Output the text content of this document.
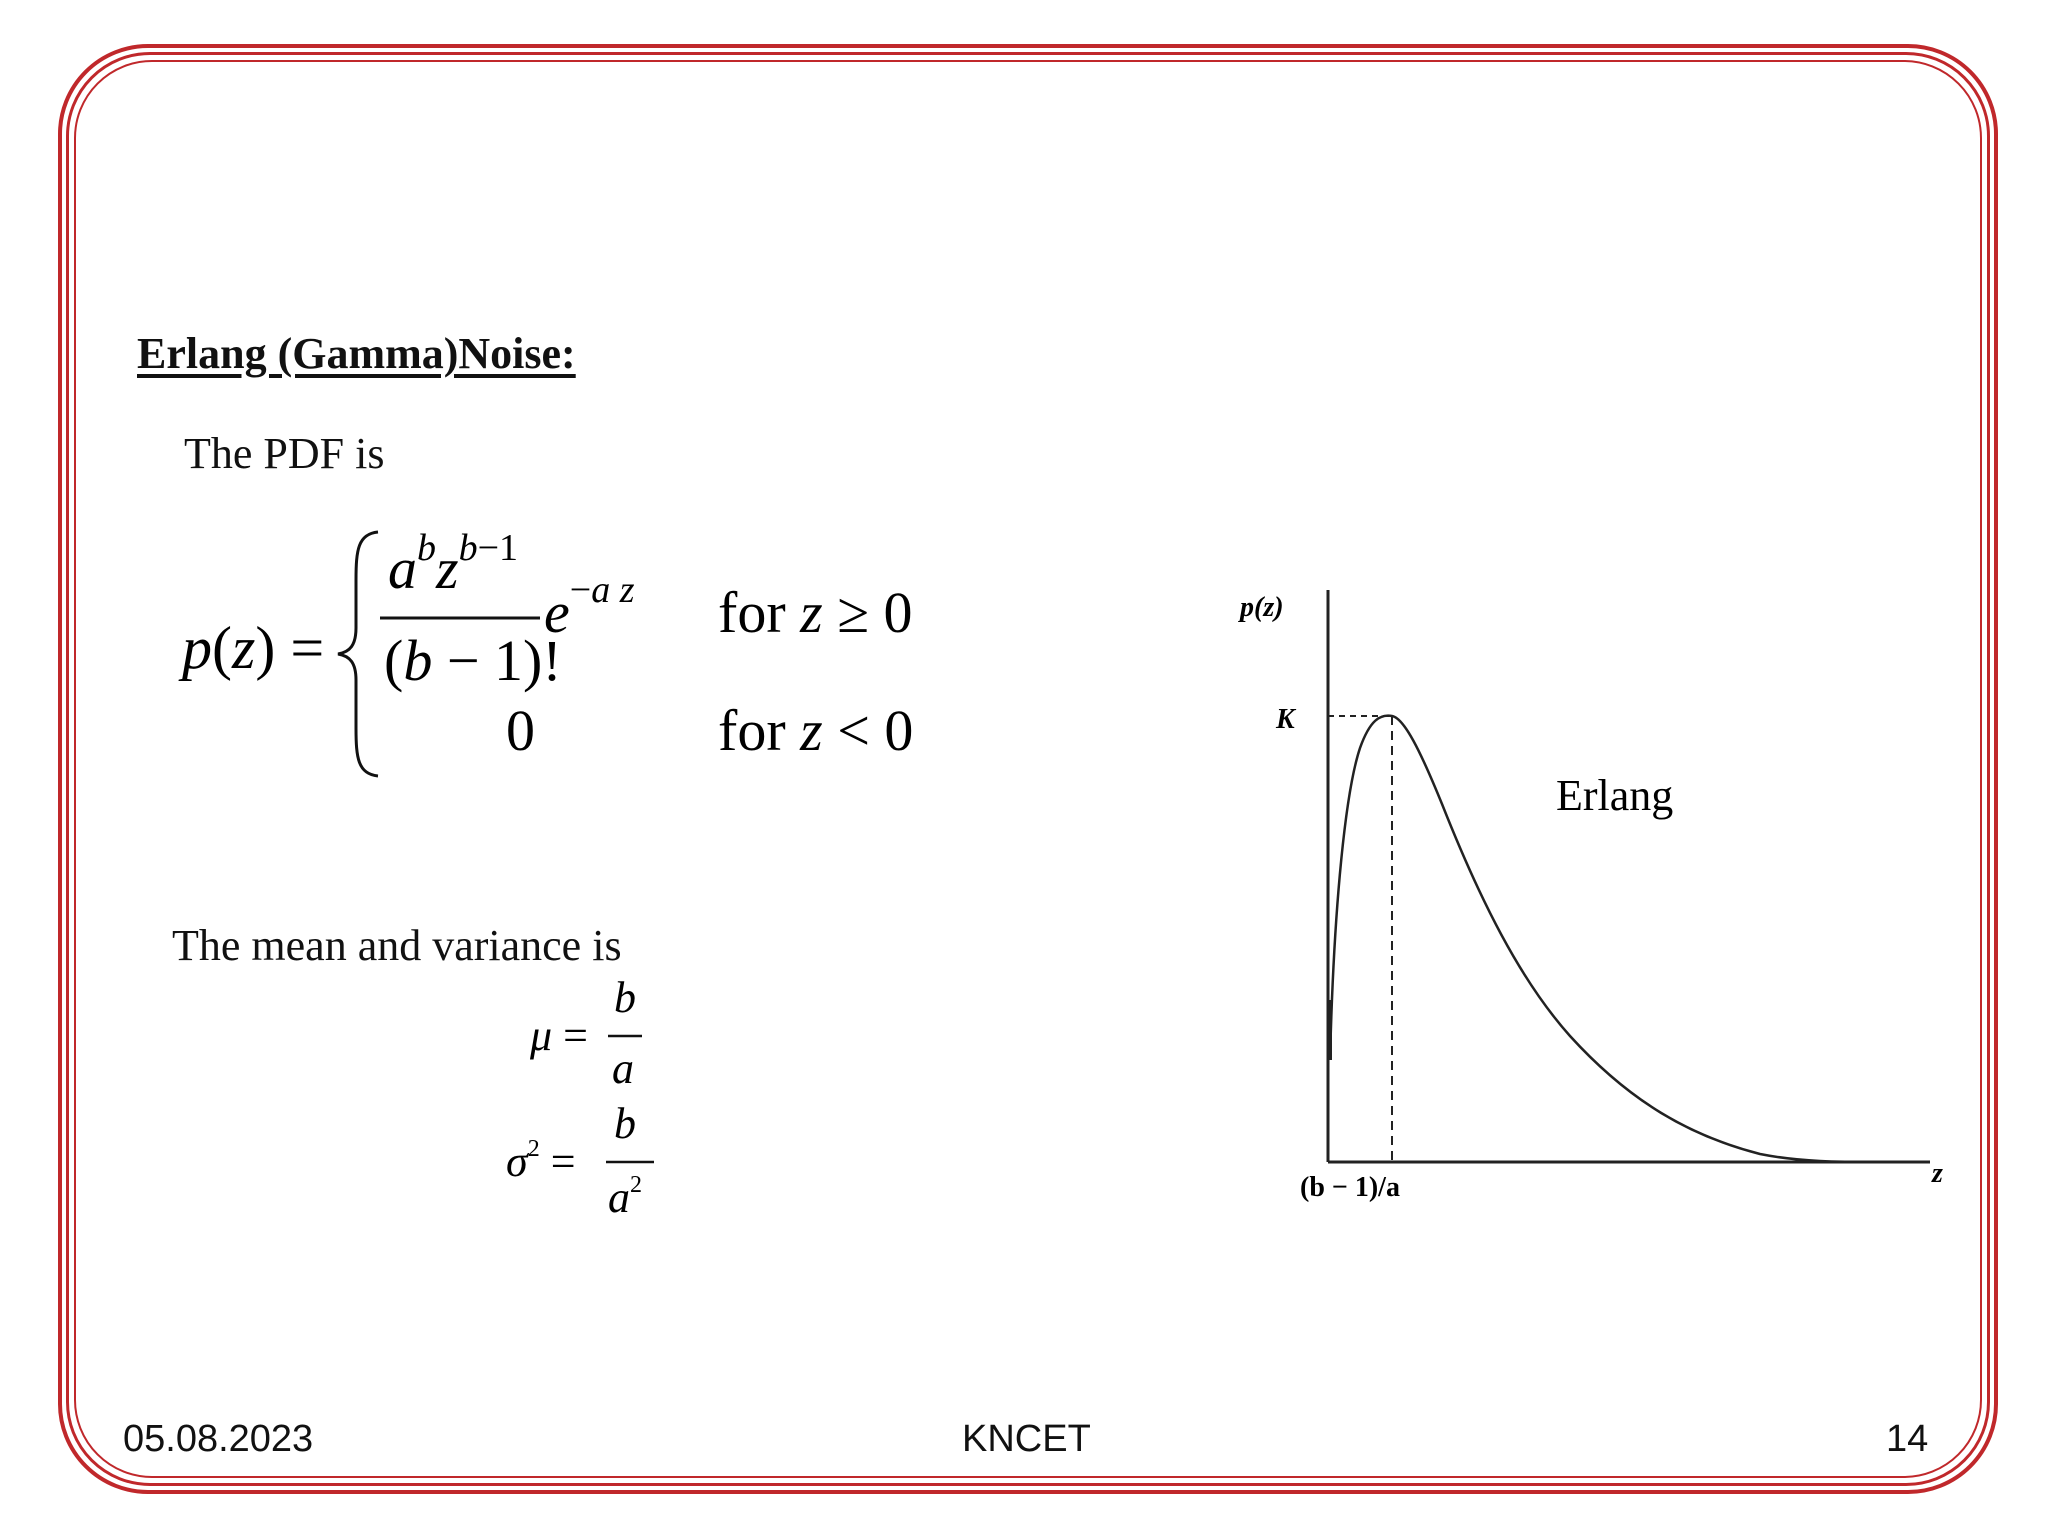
Erlang (Gamma)Noise:
The PDF is
p(z) =
$a^bz^b-1$
(b − 1)!
e−a z for z ≥ 0
0	for z < 0
The mean and variance is
μ =
b
a
$\sigma^2$ =
b
$a^2$
p(z)
K
Erlang
(b − 1)/a	z
05.08.2023	KNCET	14
